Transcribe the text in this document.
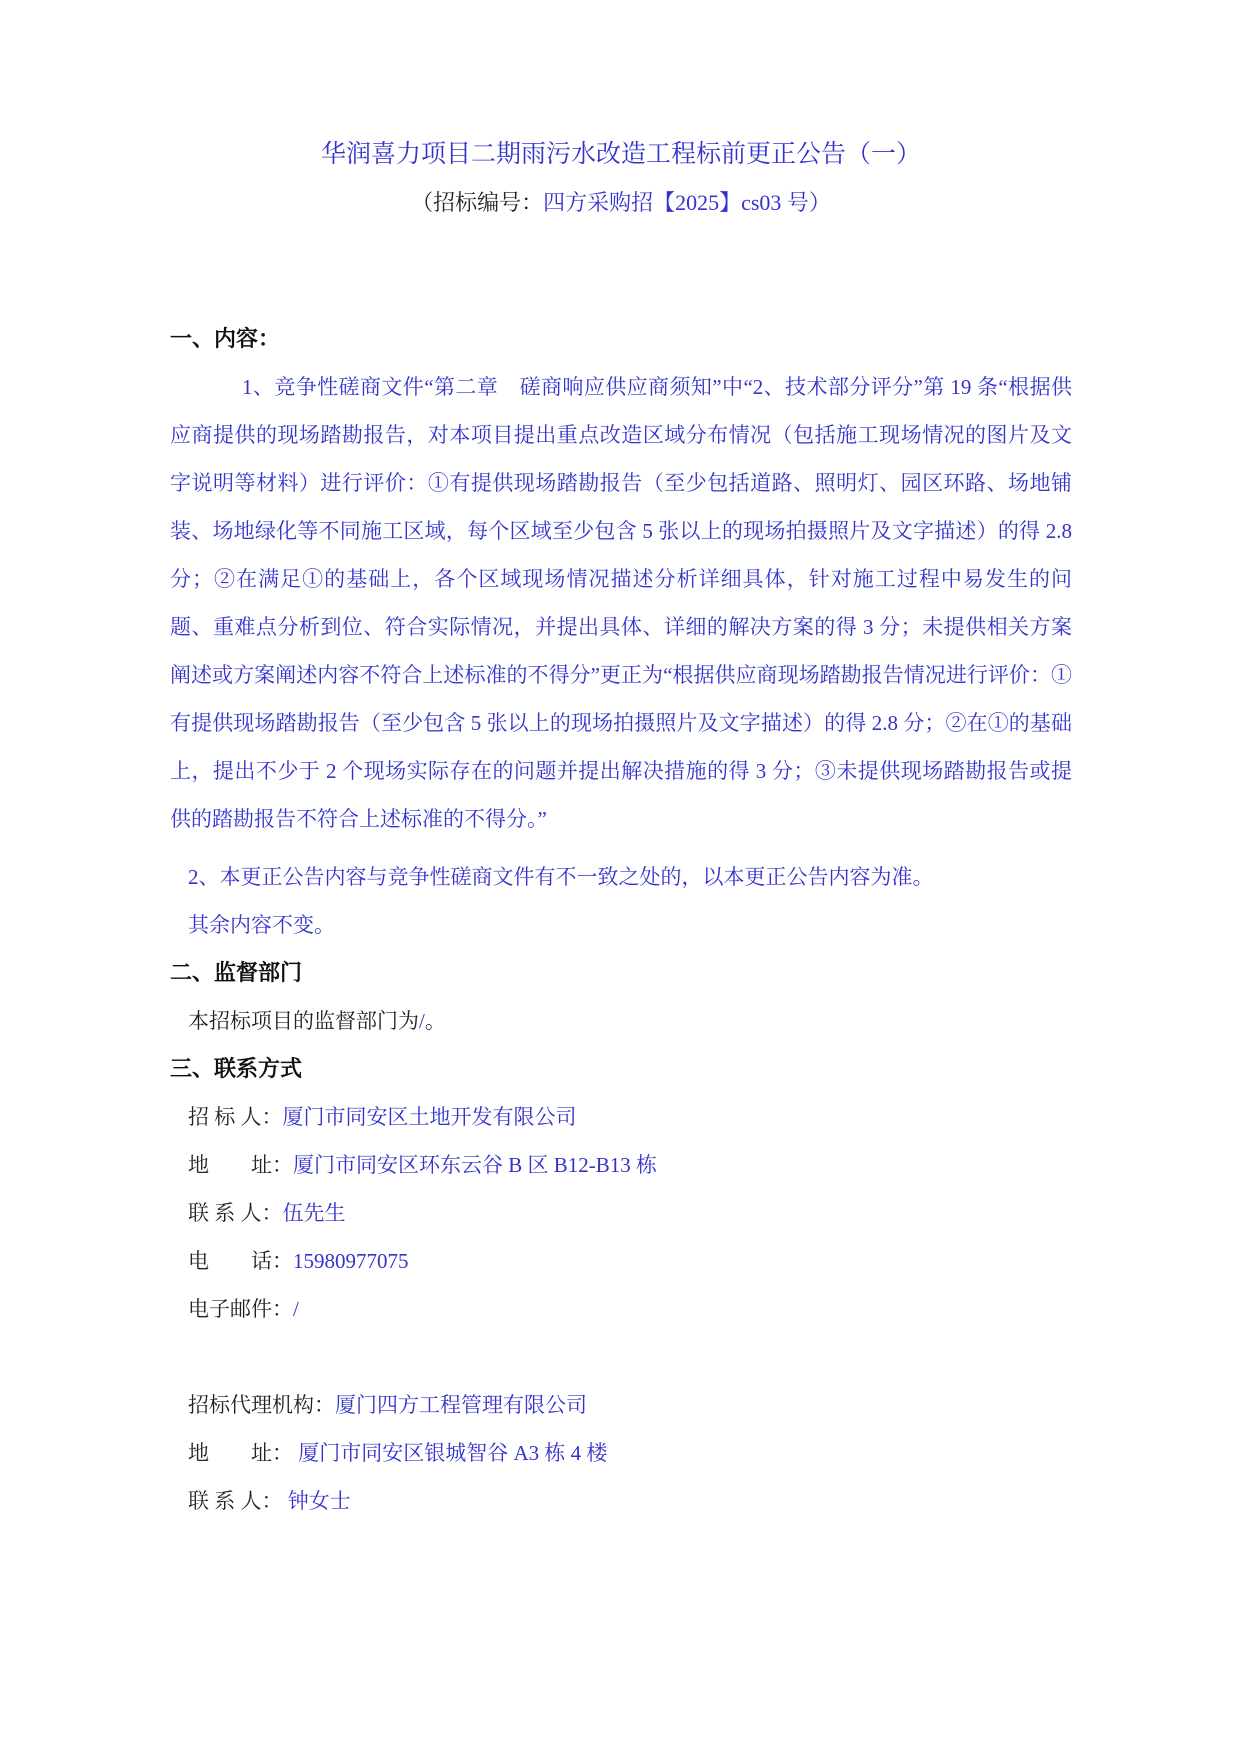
华润喜力项目二期雨污水改造工程标前更正公告（一）
（招标编号：四方采购招【2025】cs03 号）
一、内容：

1、竞争性磋商文件“第二章　磋商响应供应商须知”中“2、技术部分评分”第 19 条“根据供应商提供的现场踏勘报告，对本项目提出重点改造区域分布情况（包括施工现场情况的图片及文字说明等材料）进行评价：①有提供现场踏勘报告（至少包括道路、照明灯、园区环路、场地铺装、场地绿化等不同施工区域，每个区域至少包含 5 张以上的现场拍摄照片及文字描述）的得 2.8 分；②在满足①的基础上，各个区域现场情况描述分析详细具体，针对施工过程中易发生的问题、重难点分析到位、符合实际情况，并提出具体、详细的解决方案的得 3 分；未提供相关方案阐述或方案阐述内容不符合上述标准的不得分”更正为“根据供应商现场踏勘报告情况进行评价：①有提供现场踏勘报告（至少包含 5 张以上的现场拍摄照片及文字描述）的得 2.8 分；②在①的基础上，提出不少于 2 个现场实际存在的问题并提出解决措施的得 3 分；③未提供现场踏勘报告或提供的踏勘报告不符合上述标准的不得分。”

2、本更正公告内容与竞争性磋商文件有不一致之处的，以本更正公告内容为准。

其余内容不变。

二、监督部门

本招标项目的监督部门为/。

三、联系方式
招 标 人：厦门市同安区土地开发有限公司
地　　址：厦门市同安区环东云谷 B 区 B12-B13 栋
联 系 人：伍先生
电　　话：15980977075
电子邮件：/
招标代理机构：厦门四方工程管理有限公司
地　　址： 厦门市同安区银城智谷 A3 栋 4 楼
联 系 人： 钟女士
